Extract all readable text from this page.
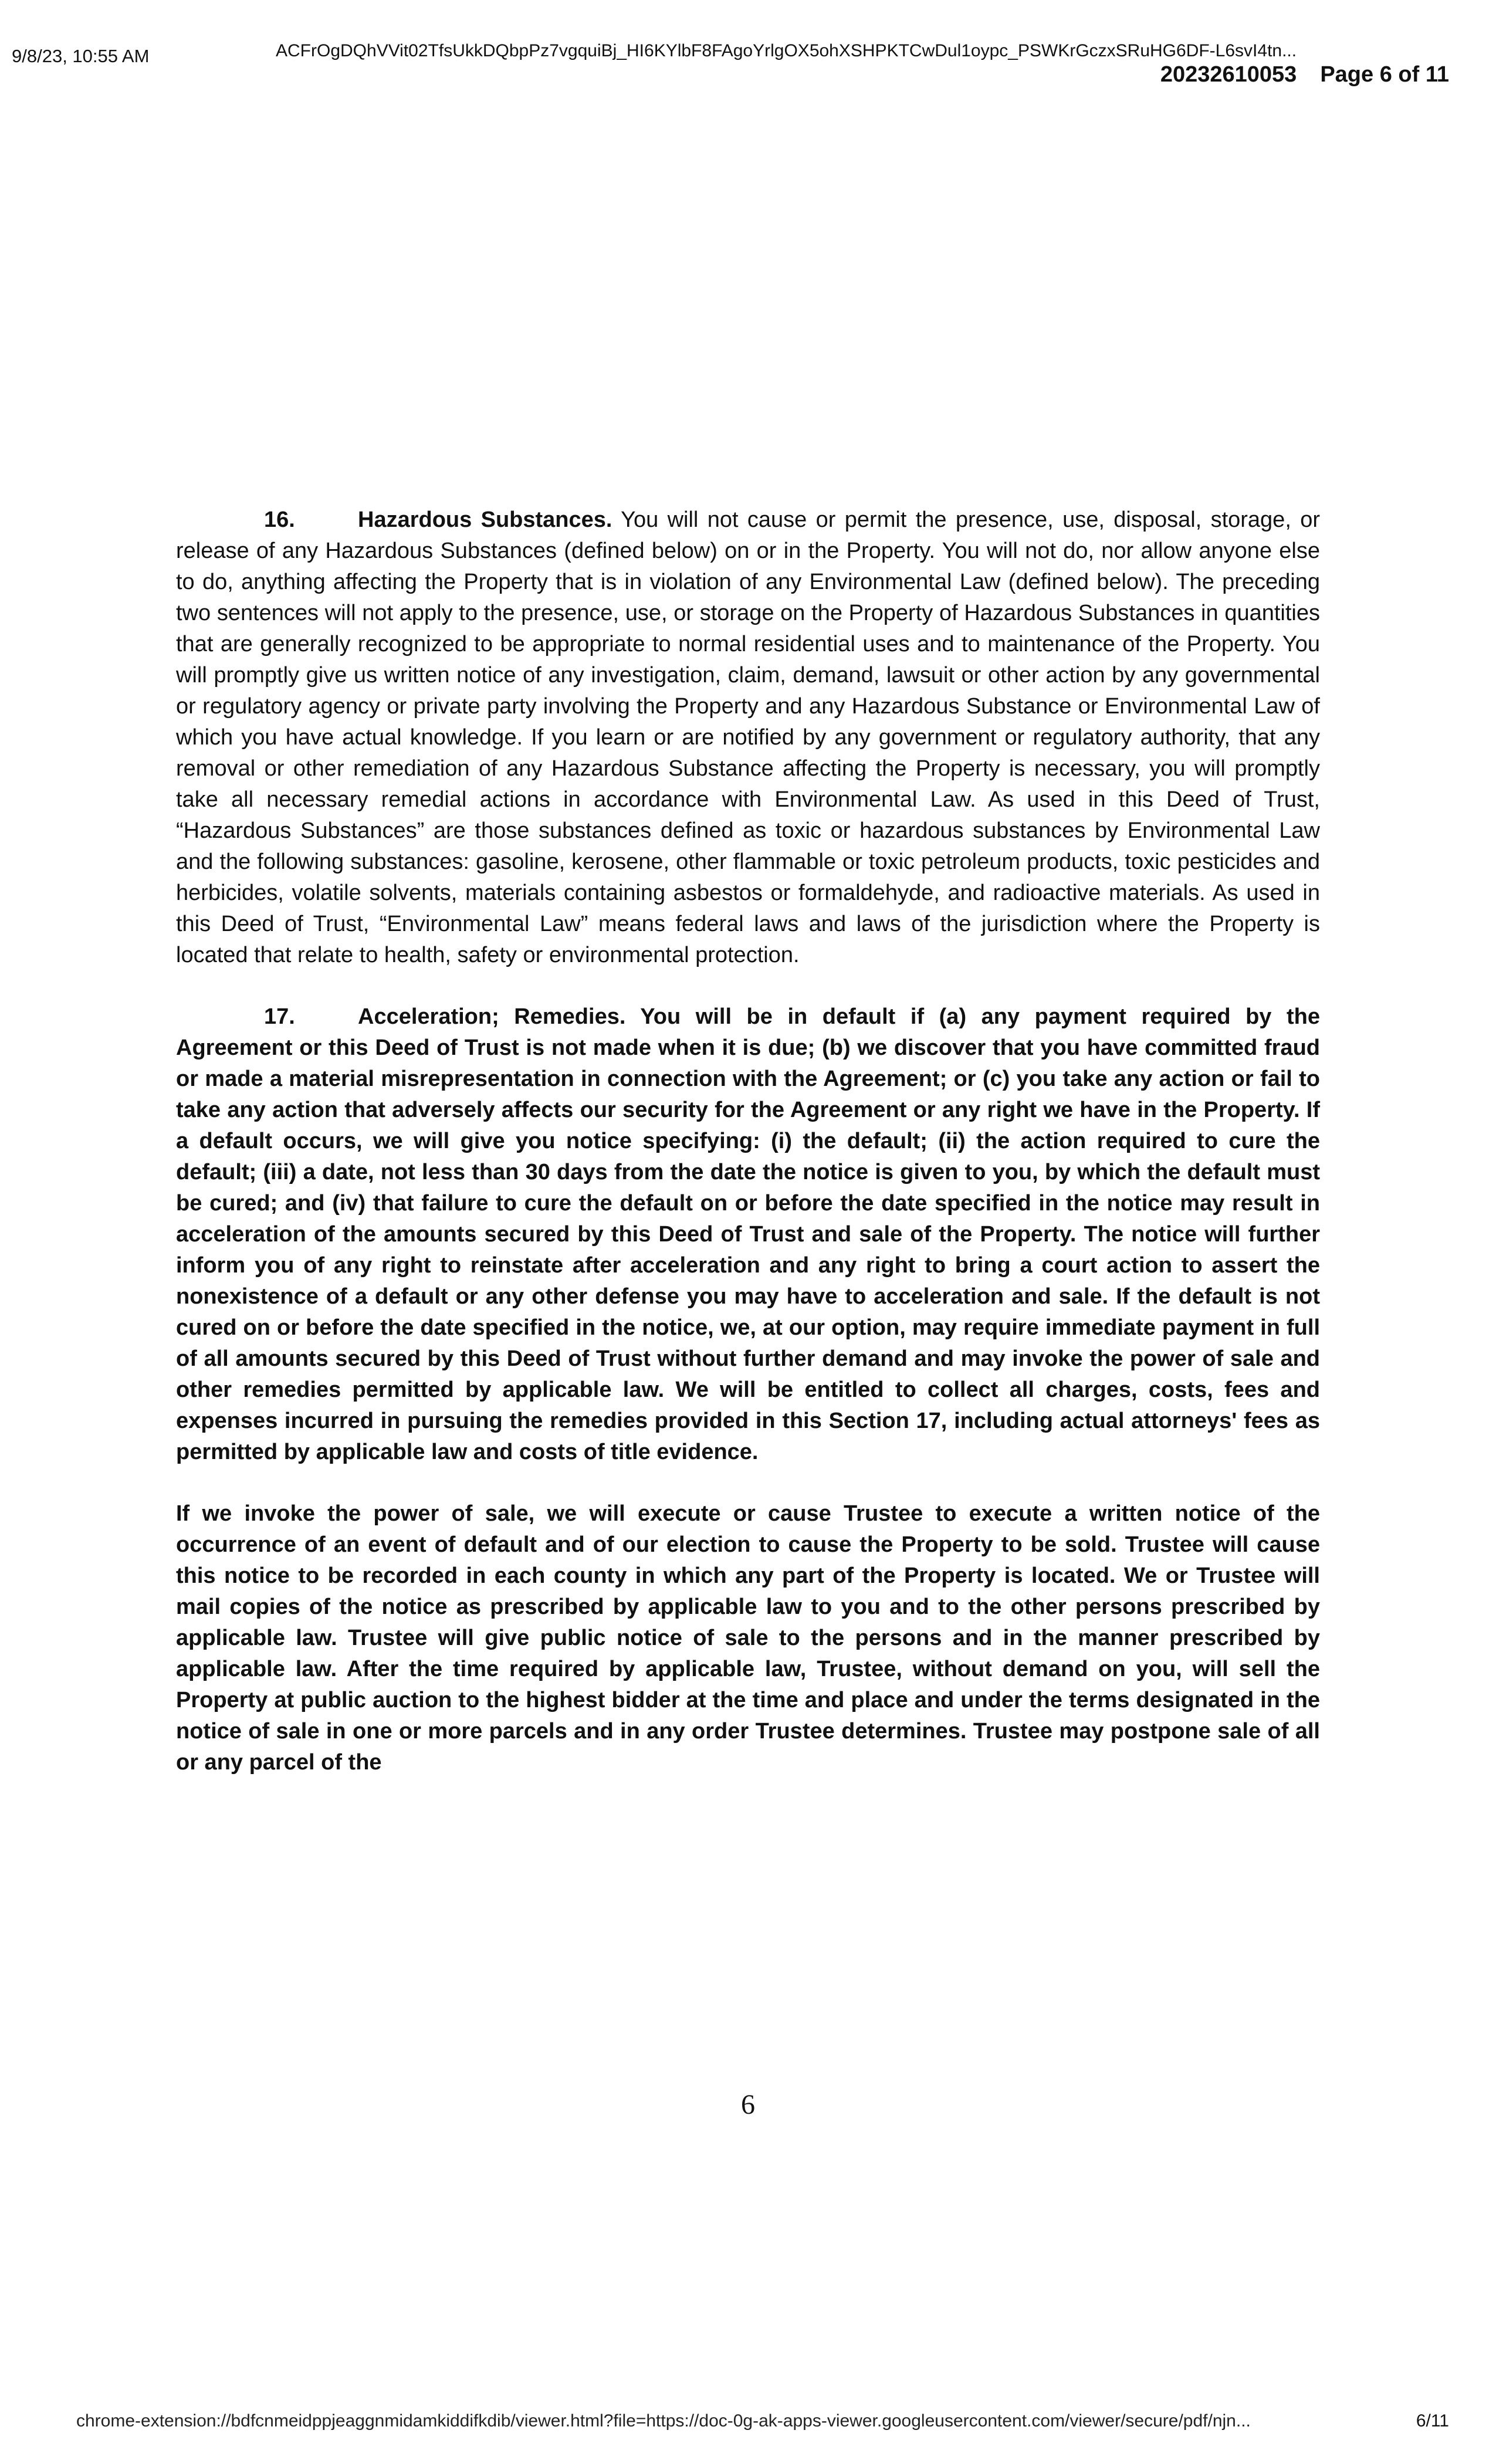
9/8/23, 10:55 AM	ACFrOgDQhVVit02TfsUkkDQbpPz7vgquiBj_HI6KYlbF8FAgoYrlgOX5ohXSHPKTCwDul1oypc_PSWKrGczxSRuHG6DF-L6svI4tn...
20232610053 Page 6 of 11

16.	Hazardous Substances. You will not cause or permit the presence, use, disposal, storage, or release of any Hazardous Substances (defined below) on or in the Property. You will not do, nor allow anyone else to do, anything affecting the Property that is in violation of any Environmental Law (defined below). The preceding two sentences will not apply to the presence, use, or storage on the Property of Hazardous Substances in quantities that are generally recognized to be appropriate to normal residential uses and to maintenance of the Property. You will promptly give us written notice of any investigation, claim, demand, lawsuit or other action by any governmental or regulatory agency or private party involving the Property and any Hazardous Substance or Environmental Law of which you have actual knowledge. If you learn or are notified by any government or regulatory authority, that any removal or other remediation of any Hazardous Substance affecting the Property is necessary, you will promptly take all necessary remedial actions in accordance with Environmental Law. As used in this Deed of Trust, “Hazardous Substances” are those substances defined as toxic or hazardous substances by Environmental Law and the following substances: gasoline, kerosene, other flammable or toxic petroleum products, toxic pesticides and herbicides, volatile solvents, materials containing asbestos or formaldehyde, and radioactive materials. As used in this Deed of Trust, “Environmental Law” means federal laws and laws of the jurisdiction where the Property is located that relate to health, safety or environmental protection.

17.	Acceleration; Remedies. You will be in default if (a) any payment required by the Agreement or this Deed of Trust is not made when it is due; (b) we discover that you have committed fraud or made a material misrepresentation in connection with the Agreement; or (c) you take any action or fail to take any action that adversely affects our security for the Agreement or any right we have in the Property. If a default occurs, we will give you notice specifying: (i) the default; (ii) the action required to cure the default; (iii) a date, not less than 30 days from the date the notice is given to you, by which the default must be cured; and (iv) that failure to cure the default on or before the date specified in the notice may result in acceleration of the amounts secured by this Deed of Trust and sale of the Property. The notice will further inform you of any right to reinstate after acceleration and any right to bring a court action to assert the nonexistence of a default or any other defense you may have to acceleration and sale. If the default is not cured on or before the date specified in the notice, we, at our option, may require immediate payment in full of all amounts secured by this Deed of Trust without further demand and may invoke the power of sale and other remedies permitted by applicable law. We will be entitled to collect all charges, costs, fees and expenses incurred in pursuing the remedies provided in this Section 17, including actual attorneys' fees as permitted by applicable law and costs of title evidence.

If we invoke the power of sale, we will execute or cause Trustee to execute a written notice of the occurrence of an event of default and of our election to cause the Property to be sold. Trustee will cause this notice to be recorded in each county in which any part of the Property is located. We or Trustee will mail copies of the notice as prescribed by applicable law to you and to the other persons prescribed by applicable law. Trustee will give public notice of sale to the persons and in the manner prescribed by applicable law. After the time required by applicable law, Trustee, without demand on you, will sell the Property at public auction to the highest bidder at the time and place and under the terms designated in the notice of sale in one or more parcels and in any order Trustee determines. Trustee may postpone sale of all or any parcel of the

6
chrome-extension://bdfcnmeidppjeaggnmidamkiddifkdib/viewer.html?file=https://doc-0g-ak-apps-viewer.googleusercontent.com/viewer/secure/pdf/njn...	6/11
